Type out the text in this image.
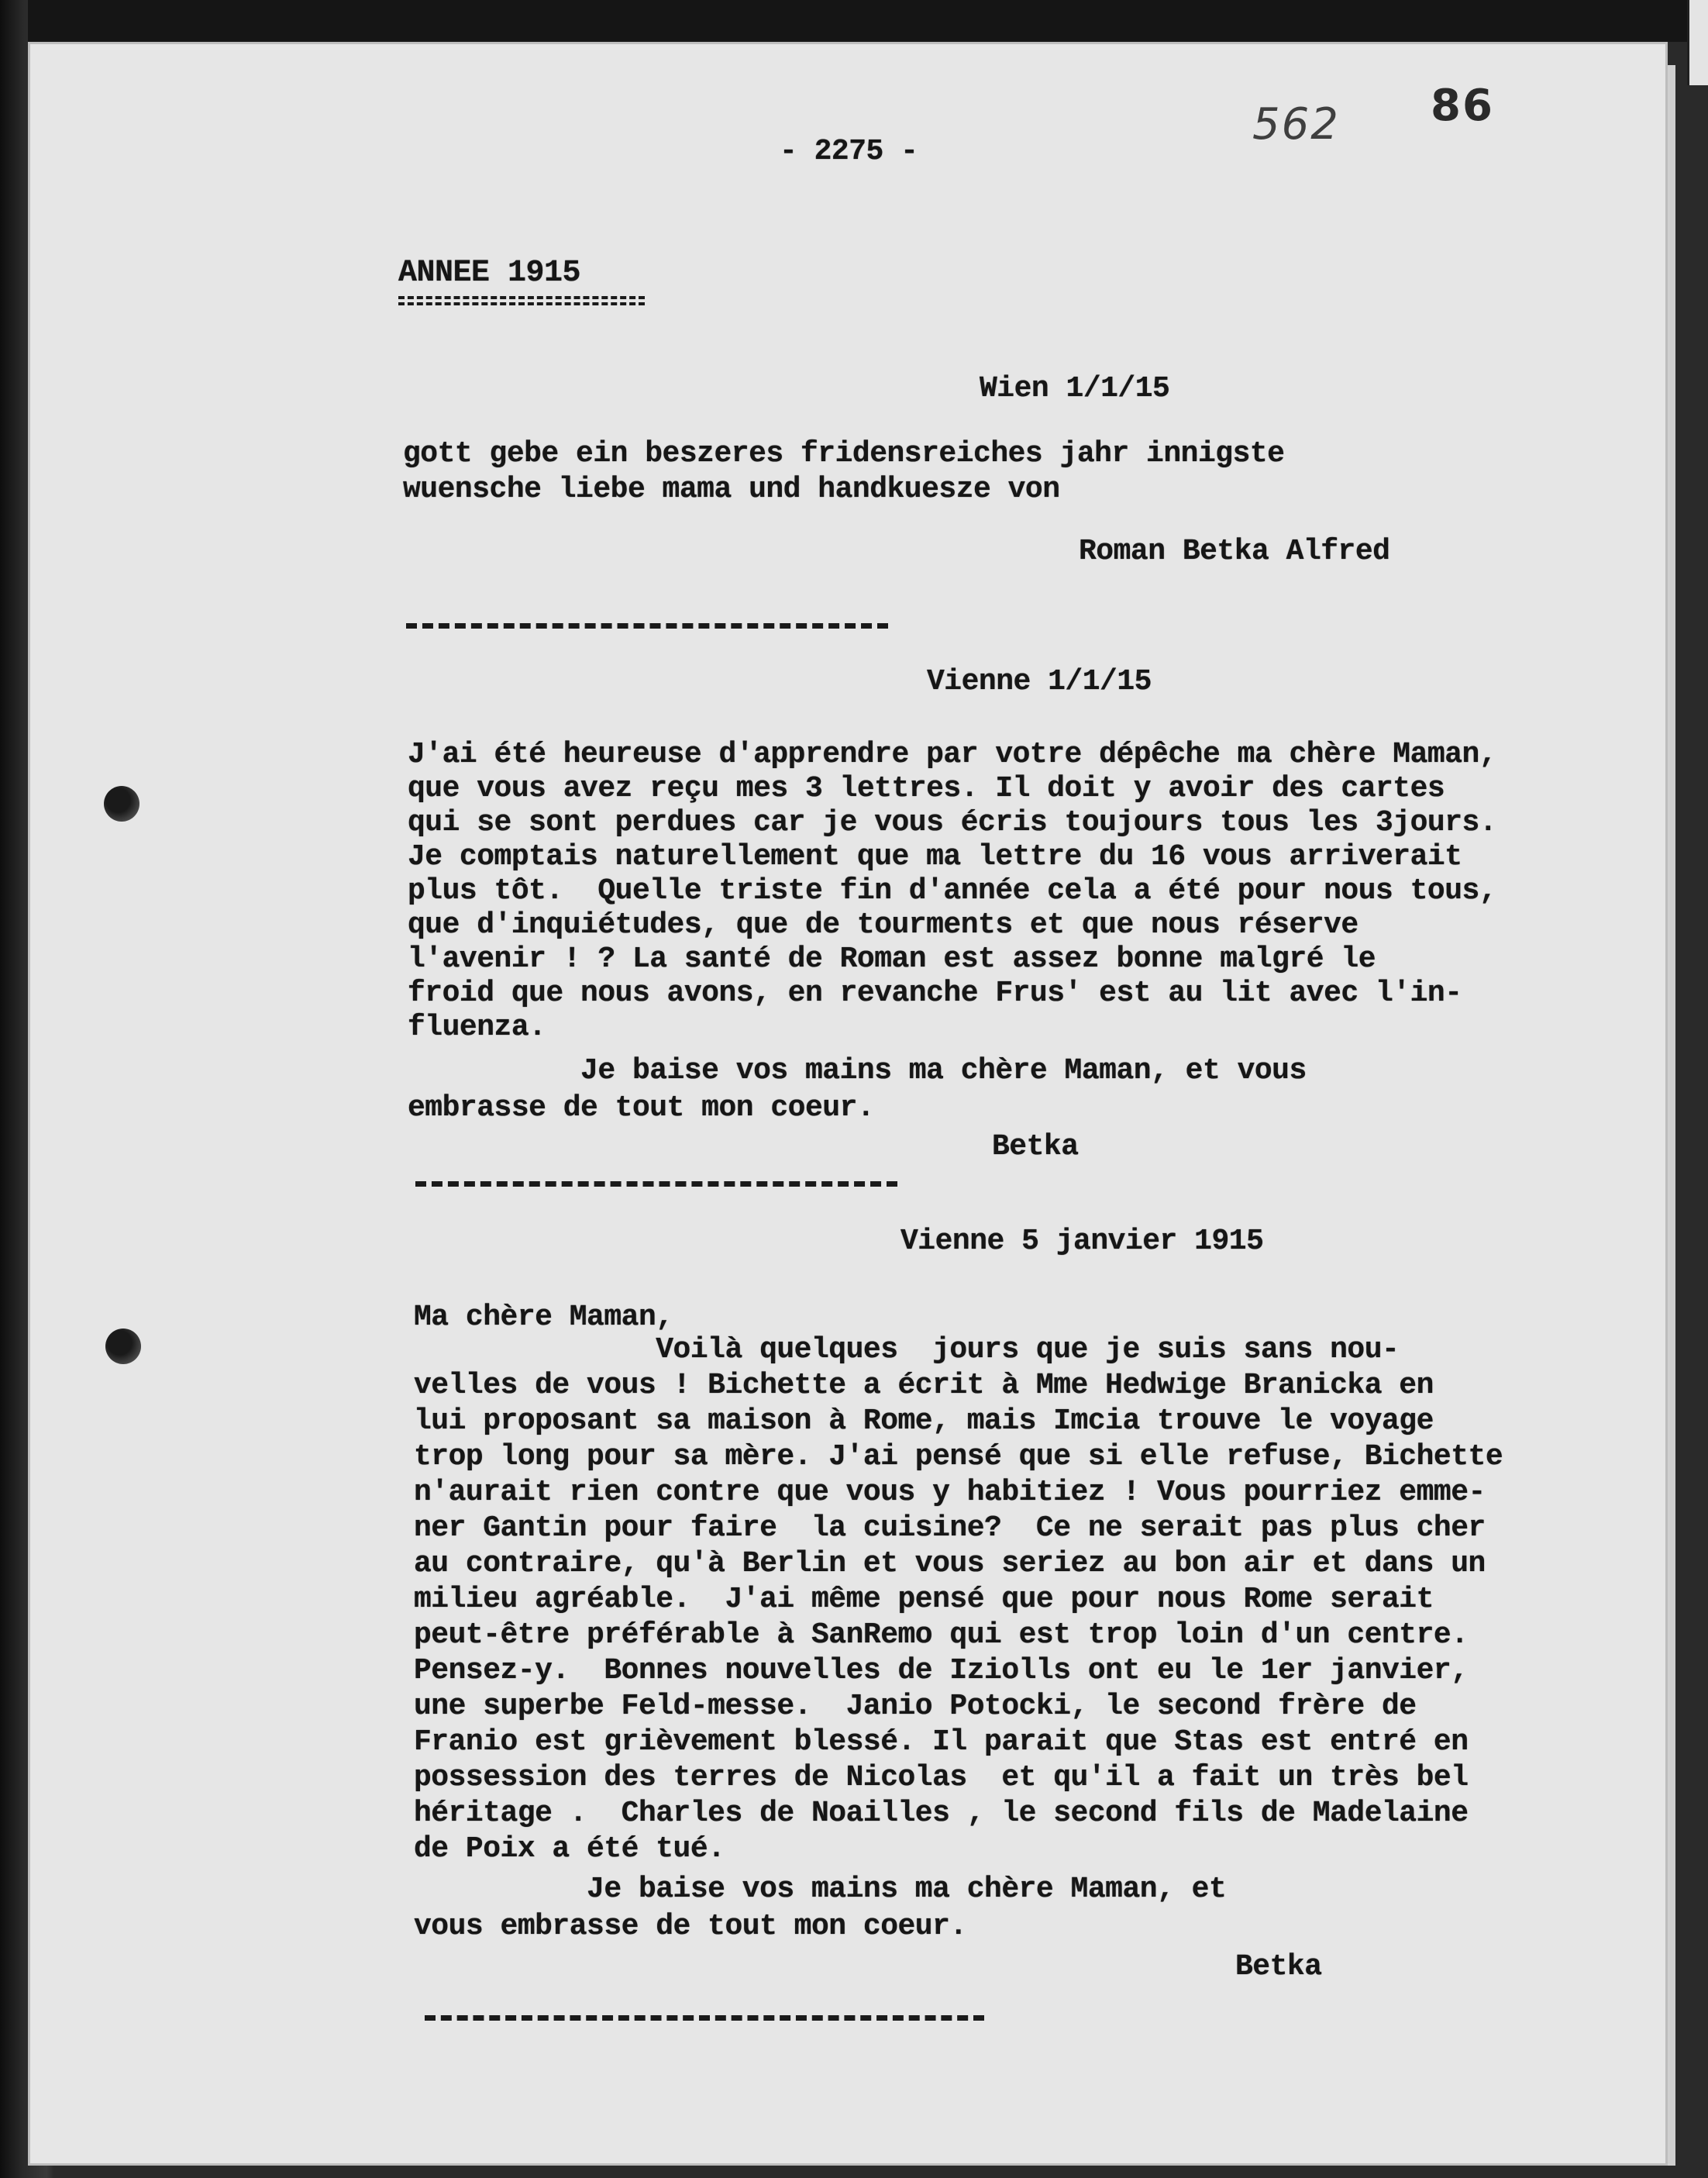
- 2275 -
562 86
ANNEE 1915
Wien 1/1/15
gott gebe ein beszeres fridensreiches jahr innigste
wuensche liebe mama und handkuesze von
Roman Betka Alfred
Vienne 1/1/15
J'ai été heureuse d'apprendre par votre dépêche ma chère Maman,
que vous avez reçu mes 3 lettres. Il doit y avoir des cartes
qui se sont perdues car je vous écris toujours tous les 3jours.
Je comptais naturellement que ma lettre du 16 vous arriverait
plus tôt.  Quelle triste fin d'année cela a été pour nous tous,
que d'inquiétudes, que de tourments et que nous réserve
l'avenir ! ? La santé de Roman est assez bonne malgré le
froid que nous avons, en revanche Frus' est au lit avec l'in-
fluenza.
Je baise vos mains ma chère Maman, et vous
embrasse de tout mon coeur.
Betka
Vienne 5 janvier 1915
Ma chère Maman,
Voilà quelques  jours que je suis sans nou-
velles de vous ! Bichette a écrit à Mme Hedwige Branicka en
lui proposant sa maison à Rome, mais Imcia trouve le voyage
trop long pour sa mère. J'ai pensé que si elle refuse, Bichette
n'aurait rien contre que vous y habitiez ! Vous pourriez emme-
ner Gantin pour faire  la cuisine?  Ce ne serait pas plus cher
au contraire, qu'à Berlin et vous seriez au bon air et dans un
milieu agréable.  J'ai même pensé que pour nous Rome serait
peut-être préférable à SanRemo qui est trop loin d'un centre.
Pensez-y.  Bonnes nouvelles de Iziolls ont eu le 1er janvier,
une superbe Feld-messe.  Janio Potocki, le second frère de
Franio est grièvement blessé. Il parait que Stas est entré en
possession des terres de Nicolas  et qu'il a fait un très bel
héritage .  Charles de Noailles , le second fils de Madelaine
de Poix a été tué.
Je baise vos mains ma chère Maman, et
vous embrasse de tout mon coeur.
Betka
